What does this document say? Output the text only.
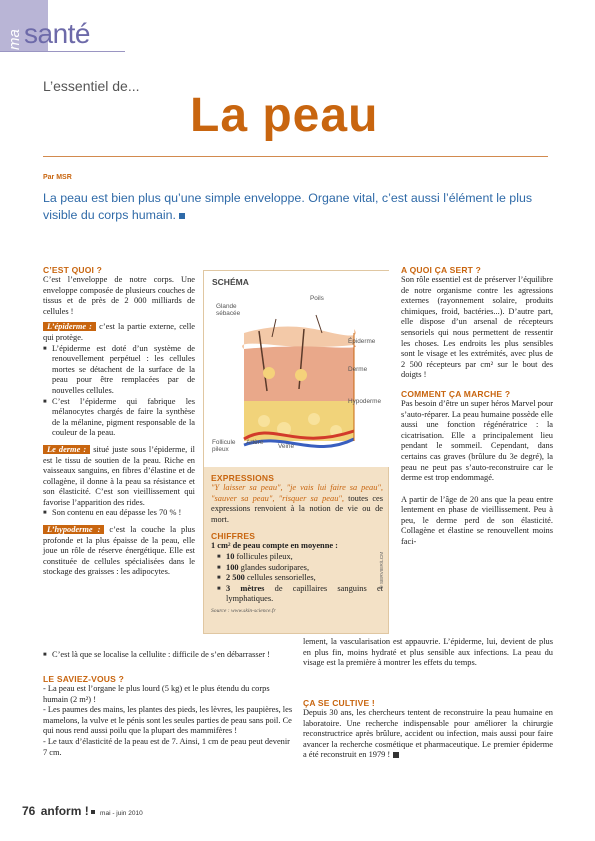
ma santé
L’essentiel de...
La peau
Par MSR
La peau est bien plus qu’une simple enveloppe. Organe vital, c’est aussi l’élément le plus visible du corps humain.
C’EST QUOI ?

C’est l’enveloppe de notre corps. Une enveloppe composée de plusieurs couches de tissus et de près de 2 000 milliards de cellules !

L’épiderme : c’est la partie externe, celle qui protège.

■ L’épiderme est doté d’un système de renouvellement perpétuel : les cellules mortes se détachent de la surface de la peau pour être remplacées par de nouvelles cellules.
■ C’est l’épiderme qui fabrique les mélanocytes chargés de faire la synthèse de la mélanine, pigment responsable de la couleur de la peau.

Le derme : situé juste sous l’épiderme, il est le tissu de soutien de la peau. Riche en vaisseaux sanguins, en fibres d’élastine et de collagène, il donne à la peau sa résistance et son élasticité. C’est son vieillissement qui favorise l’apparition des rides.

■ Son contenu en eau dépasse les 70 % !

L’hypoderme : c’est la couche la plus profonde et la plus épaisse de la peau, elle joue un rôle de réserve énergétique. Elle est constituée de cellules spécialisées dans le stockage des graisses : les adipocytes.

■ C’est là que se localise la cellulite : difficile de s’en débarrasser !
LE SAVIEZ-VOUS ?

- La peau est l’organe le plus lourd (5 kg) et le plus étendu du corps humain (2 m²) !

- Les paumes des mains, les plantes des pieds, les lèvres, les paupières, les mamelons, la vulve et le pénis sont les seules parties de peau sans poil. Ce qui nous rend aussi poilu que la plupart des mammifères !

- Le taux d’élasticité de la peau est de 7. Ainsi, 1 cm de peau peut devenir 7 cm.

SCHÉMA
Glande sébacée
Poils
Épiderme
Derme
Hypoderme
Follicule pileux
Artère
Veine
EXPRESSIONS

"Y laisser sa peau", "je vais lui faire sa peau", "sauver sa peau", "risquer sa peau", toutes ces expressions renvoient à la notion de vie ou de mort.

CHIFFRES

1 cm² de peau compte en moyenne :

■ 10 follicules pileux,
■ 100 glandes sudoripares,
■ 2 500 cellules sensorielles,
■ 3 mètres de capillaires sanguins et lymphatiques.
Source : www.skin-science.fr
© SERVIER/LCM

lement, la vascularisation est appauvrie. L’épiderme, lui, devient de plus en plus fin, moins hydraté et plus sensible aux infections. La peau du visage est la première à montrer les effets du temps.

ÇA SE CULTIVE !

Depuis 30 ans, les chercheurs tentent de reconstruire la peau humaine en laboratoire. Une recherche indispensable pour améliorer la chirurgie reconstructrice après brûlure, accident ou infection, mais aussi pour faire avancer la recherche cosmétique et pharmaceutique. Le premier épiderme a été reconstruit en 1979 !

A QUOI ÇA SERT ?

Son rôle essentiel est de préserver l’équilibre de notre organisme contre les agressions externes (rayonnement solaire, produits chimiques, froid, bactéries...). D’autre part, elle dispose d’un arsenal de récepteurs sensoriels qui nous permettent de ressentir les choses. Les endroits les plus sensibles sont le visage et les extrémités, avec plus de 2 500 récepteurs par cm² sur le bout des doigts !

COMMENT ÇA MARCHE ?

Pas besoin d’être un super héros Marvel pour s’auto-réparer. La peau humaine possède elle aussi une fonction régénératrice : la cicatrisation. Elle a principalement lieu pendant le sommeil. Cependant, dans certains cas graves (brûlure du 3e degré), la peau ne peut pas s’auto-reconstruire car le derme est trop endommagé.

A partir de l’âge de 20 ans que la peau entre lentement en phase de vieillissement. Peu à peu, le derme perd de son élasticité. Collagène et élastine se renouvellent moins faci-

76 anform ! mai - juin 2010
